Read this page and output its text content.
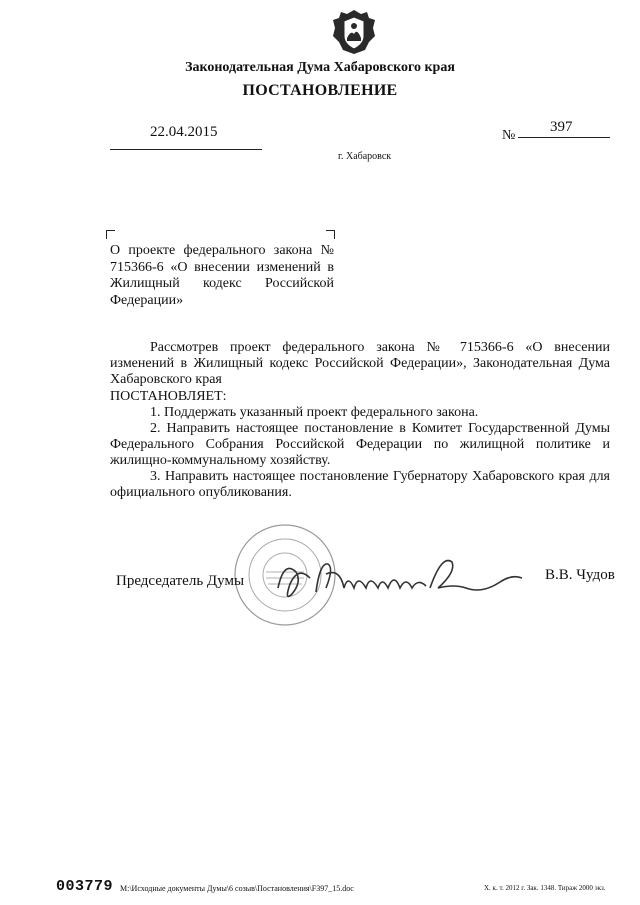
Законодательная Дума Хабаровского края
ПОСТАНОВЛЕНИЕ
22.04.2015	№
397
г. Хабаровск

О проекте федерального закона № 715366-6 «О внесении изменений в Жилищный кодекс Российской Федерации»

Рассмотрев проект федерального закона № 715366-6 «О внесении изменений в Жилищный кодекс Российской Федерации», Законодательная Дума

Хабаровского края

ПОСТАНОВЛЯЕТ:

1. Поддержать указанный проект федерального закона.

2. Направить настоящее постановление в Комитет Государственной Думы Федерального Собрания Российской Федерации по жилищной политике и жилищно-коммунальному хозяйству.

3. Направить настоящее постановление Губернатору Хабаровского края для официального опубликования.

Председатель Думы	В.В. Чудов
003779 M:\Исходные документы Думы\6 созыв\Постановления\F397_15.doc	Х. к. т. 2012 г. Зак. 1348. Тираж 2000 экз.
